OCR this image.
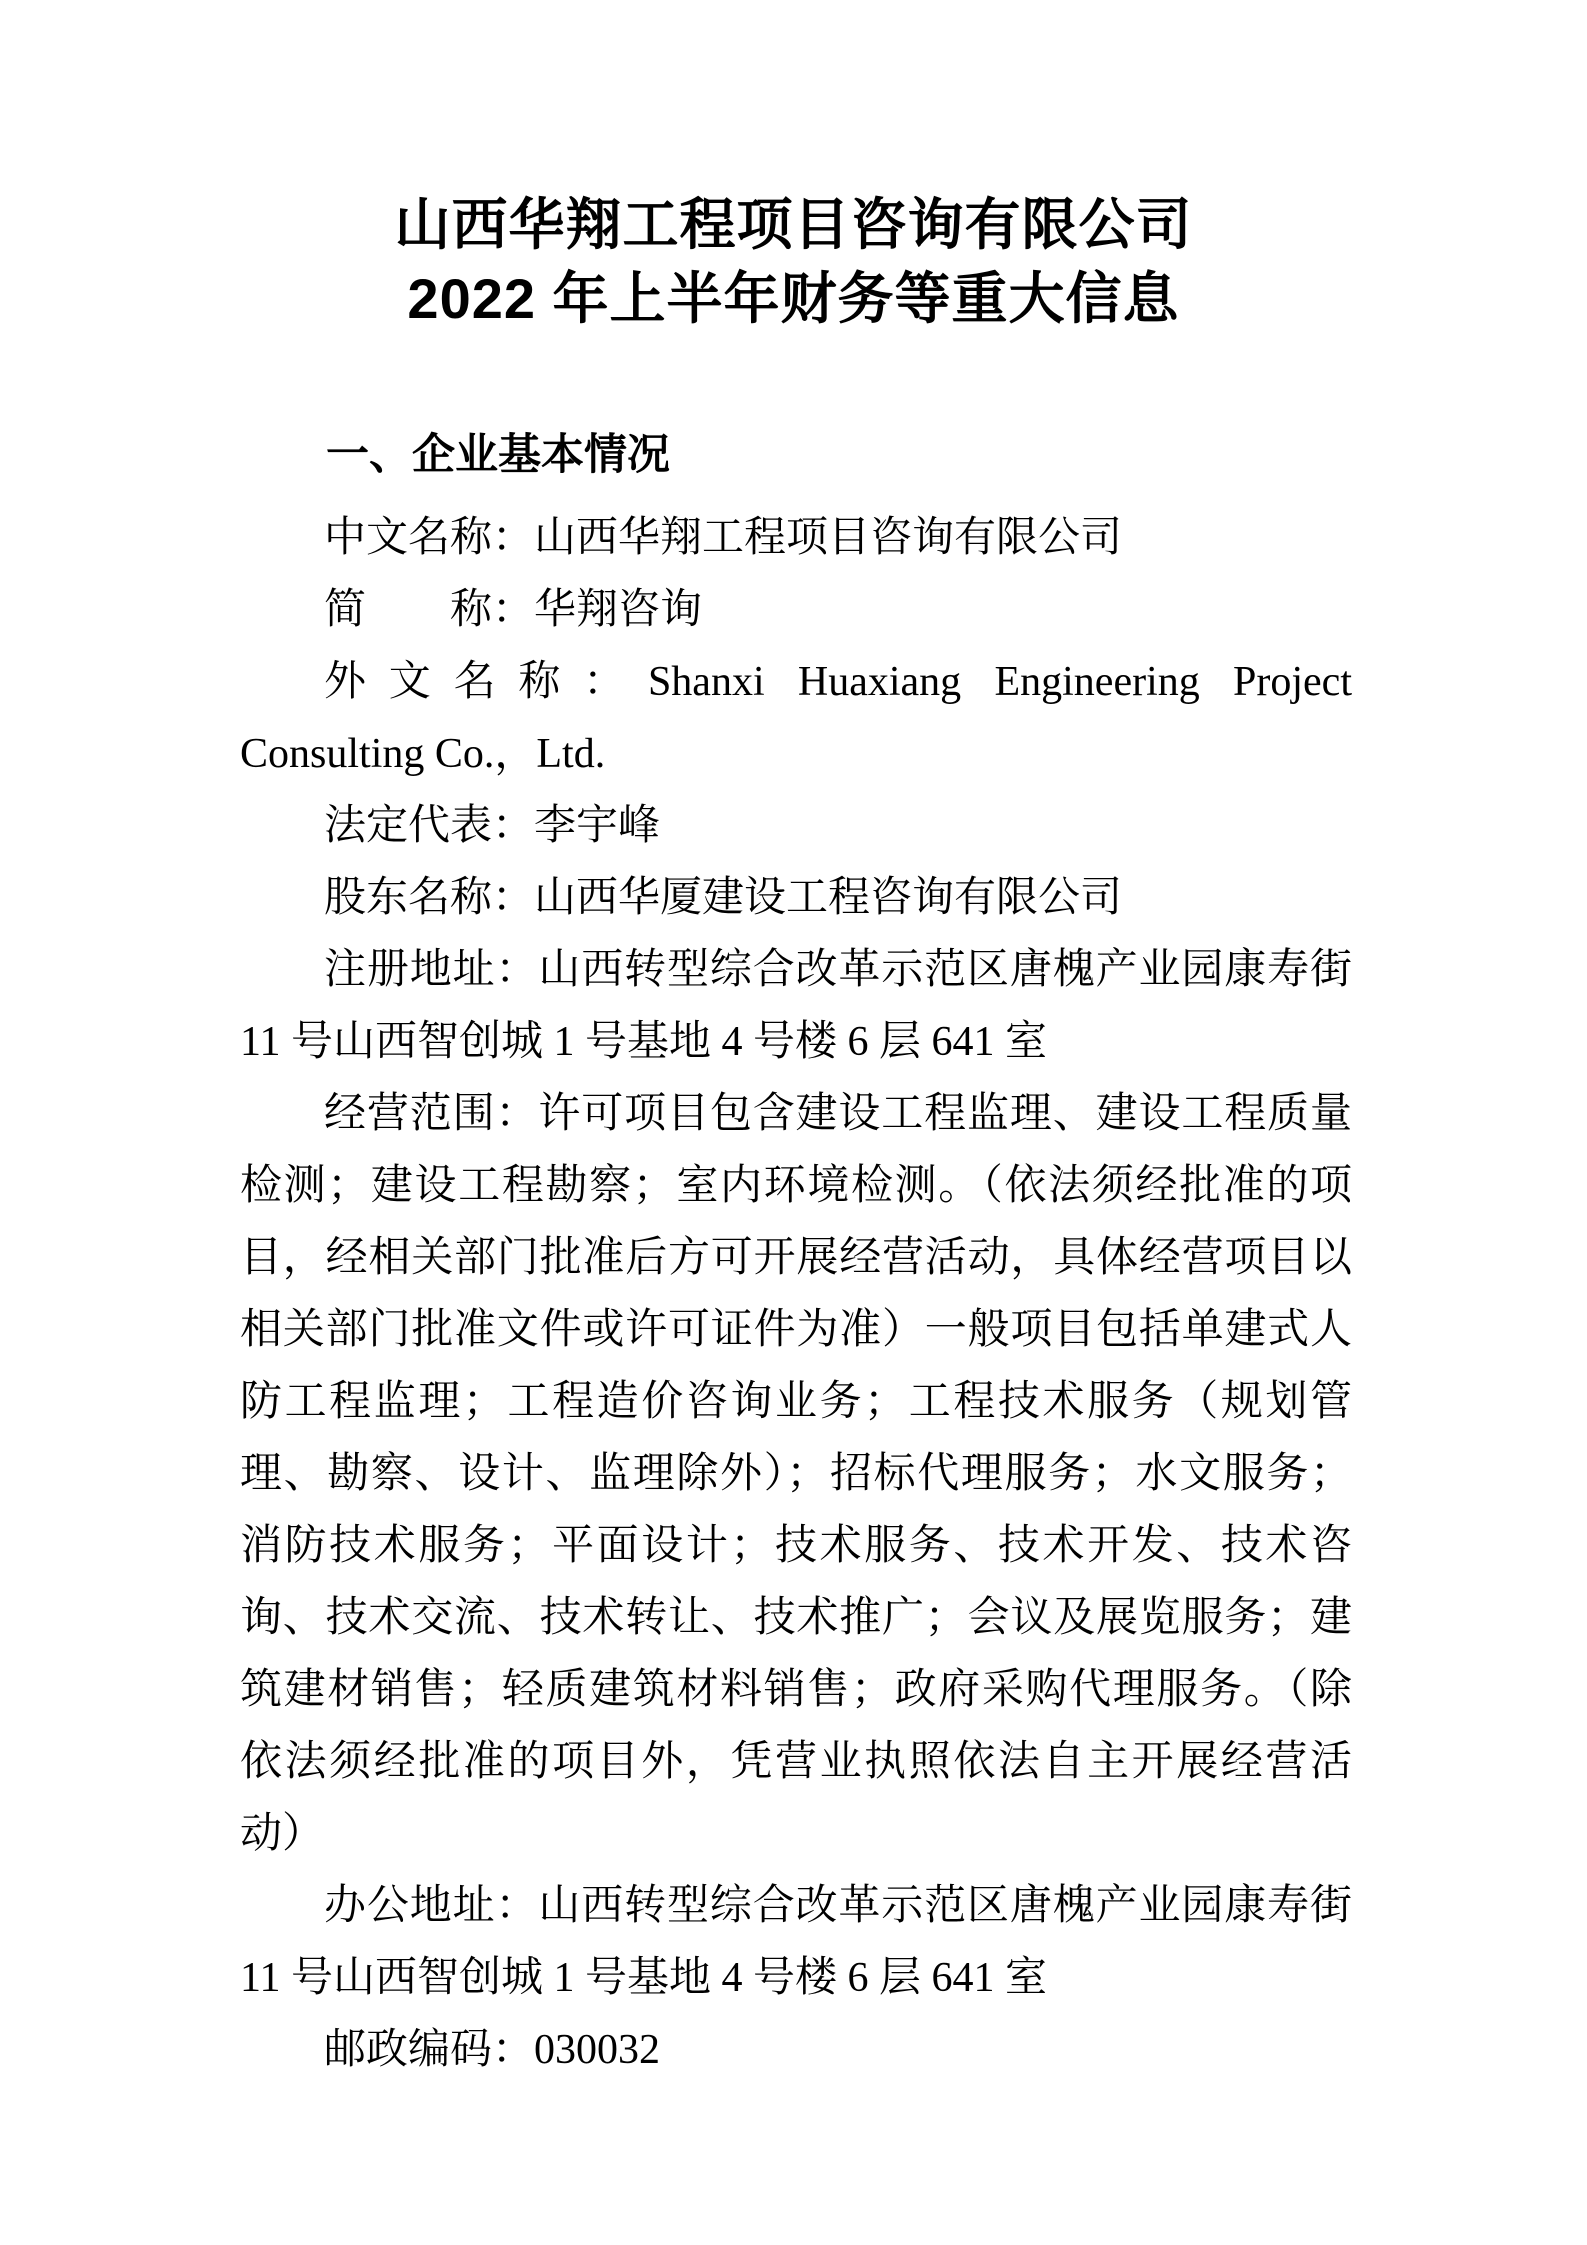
山西华翔工程项目咨询有限公司
2022 年上半年财务等重大信息
一、企业基本情况

中文名称：山西华翔工程项目咨询有限公司

简　　称：华翔咨询

外文名称：Shanxi Huaxiang Engineering Project Consulting Co.，Ltd.

法定代表：李宇峰

股东名称：山西华厦建设工程咨询有限公司

注册地址：山西转型综合改革示范区唐槐产业园康寿街 11 号山西智创城 1 号基地 4 号楼 6 层 641 室

经营范围：许可项目包含建设工程监理、建设工程质量检测；建设工程勘察；室内环境检测。（依法须经批准的项目，经相关部门批准后方可开展经营活动，具体经营项目以相关部门批准文件或许可证件为准）一般项目包括单建式人防工程监理；工程造价咨询业务；工程技术服务（规划管理、勘察、设计、监理除外）；招标代理服务；水文服务；消防技术服务；平面设计；技术服务、技术开发、技术咨询、技术交流、技术转让、技术推广；会议及展览服务；建筑建材销售；轻质建筑材料销售；政府采购代理服务。（除依法须经批准的项目外，凭营业执照依法自主开展经营活动）

办公地址：山西转型综合改革示范区唐槐产业园康寿街 11 号山西智创城 1 号基地 4 号楼 6 层 641 室

邮政编码：030032
